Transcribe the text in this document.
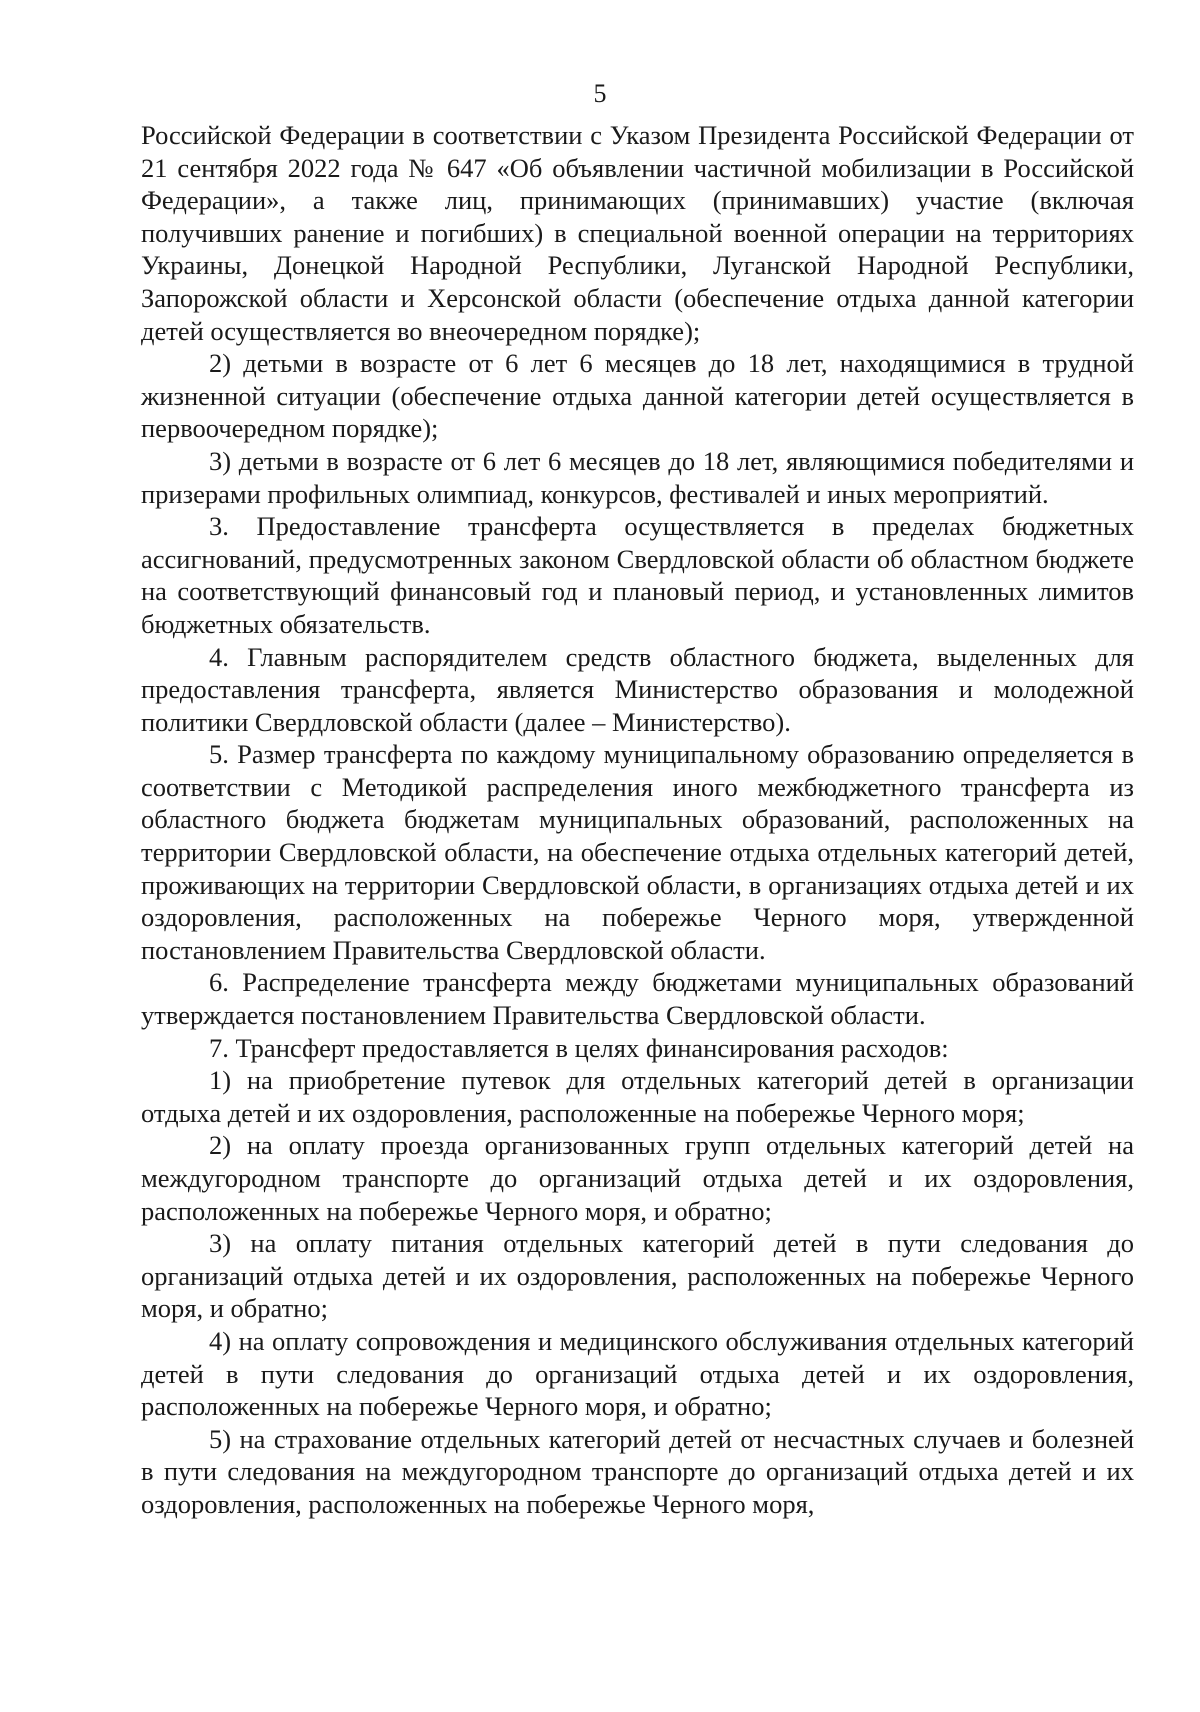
5

Российской Федерации в соответствии с Указом Президента Российской Федерации от 21 сентября 2022 года № 647 «Об объявлении частичной мобилизации в Российской Федерации», а также лиц, принимающих (принимавших) участие (включая получивших ранение и погибших) в специальной военной операции на территориях Украины, Донецкой Народной Республики, Луганской Народной Республики, Запорожской области и Херсонской области (обеспечение отдыха данной категории детей осуществляется во внеочередном порядке);

2) детьми в возрасте от 6 лет 6 месяцев до 18 лет, находящимися в трудной жизненной ситуации (обеспечение отдыха данной категории детей осуществляется в первоочередном порядке);

3) детьми в возрасте от 6 лет 6 месяцев до 18 лет, являющимися победителями и призерами профильных олимпиад, конкурсов, фестивалей и иных мероприятий.

3. Предоставление трансферта осуществляется в пределах бюджетных ассигнований, предусмотренных законом Свердловской области об областном бюджете на соответствующий финансовый год и плановый период, и установленных лимитов бюджетных обязательств.

4. Главным распорядителем средств областного бюджета, выделенных для предоставления трансферта, является Министерство образования и молодежной политики Свердловской области (далее – Министерство).

5. Размер трансферта по каждому муниципальному образованию определяется в соответствии с Методикой распределения иного межбюджетного трансферта из областного бюджета бюджетам муниципальных образований, расположенных на территории Свердловской области, на обеспечение отдыха отдельных категорий детей, проживающих на территории Свердловской области, в организациях отдыха детей и их оздоровления, расположенных на побережье Черного моря, утвержденной постановлением Правительства Свердловской области.

6. Распределение трансферта между бюджетами муниципальных образований утверждается постановлением Правительства Свердловской области.

7. Трансферт предоставляется в целях финансирования расходов:

1) на приобретение путевок для отдельных категорий детей в организации отдыха детей и их оздоровления, расположенные на побережье Черного моря;

2) на оплату проезда организованных групп отдельных категорий детей на междугородном транспорте до организаций отдыха детей и их оздоровления, расположенных на побережье Черного моря, и обратно;

3) на оплату питания отдельных категорий детей в пути следования до организаций отдыха детей и их оздоровления, расположенных на побережье Черного моря, и обратно;

4) на оплату сопровождения и медицинского обслуживания отдельных категорий детей в пути следования до организаций отдыха детей и их оздоровления, расположенных на побережье Черного моря, и обратно;

5) на страхование отдельных категорий детей от несчастных случаев и болезней в пути следования на междугородном транспорте до организаций отдыха детей и их оздоровления, расположенных на побережье Черного моря,
